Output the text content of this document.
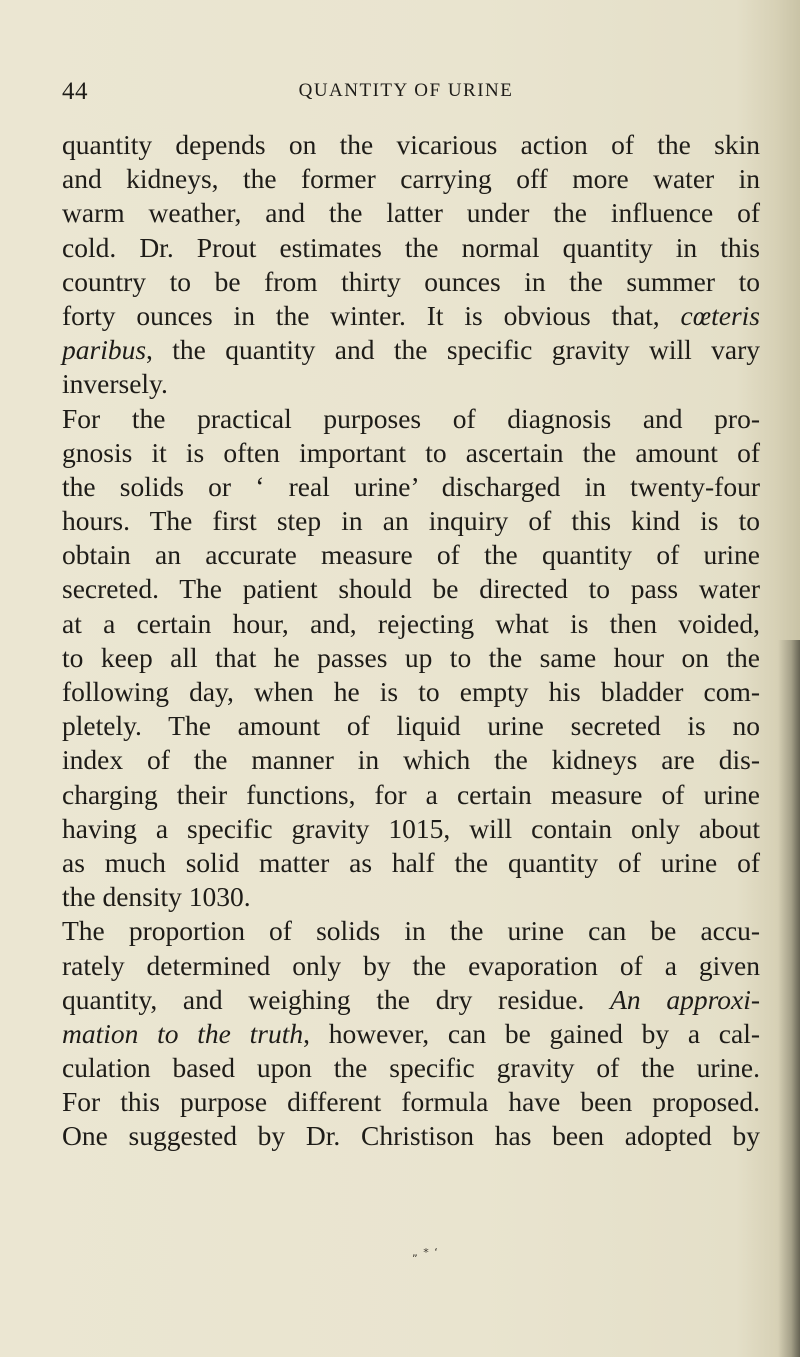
44	QUANTITY OF URINE
quantity depends on the vicarious action of the skin
and kidneys, the former carrying off more water in
warm weather, and the latter under the influence of
cold. Dr. Prout estimates the normal quantity in this
country to be from thirty ounces in the summer to
forty ounces in the winter. It is obvious that, cœteris
paribus, the quantity and the specific gravity will vary
inversely.
For the practical purposes of diagnosis and pro-
gnosis it is often important to ascertain the amount of
the solids or ‘ real urine’ discharged in twenty-four
hours. The first step in an inquiry of this kind is to
obtain an accurate measure of the quantity of urine
secreted. The patient should be directed to pass water
at a certain hour, and, rejecting what is then voided,
to keep all that he passes up to the same hour on the
following day, when he is to empty his bladder com-
pletely. The amount of liquid urine secreted is no
index of the manner in which the kidneys are dis-
charging their functions, for a certain measure of urine
having a specific gravity 1015, will contain only about
as much solid matter as half the quantity of urine of
the density 1030.
The proportion of solids in the urine can be accu-
rately determined only by the evaporation of a given
quantity, and weighing the dry residue. An approxi-
mation to the truth, however, can be gained by a cal-
culation based upon the specific gravity of the urine.
For this purpose different formula have been proposed.
One suggested by Dr. Christison has been adopted by
„ * ‘
